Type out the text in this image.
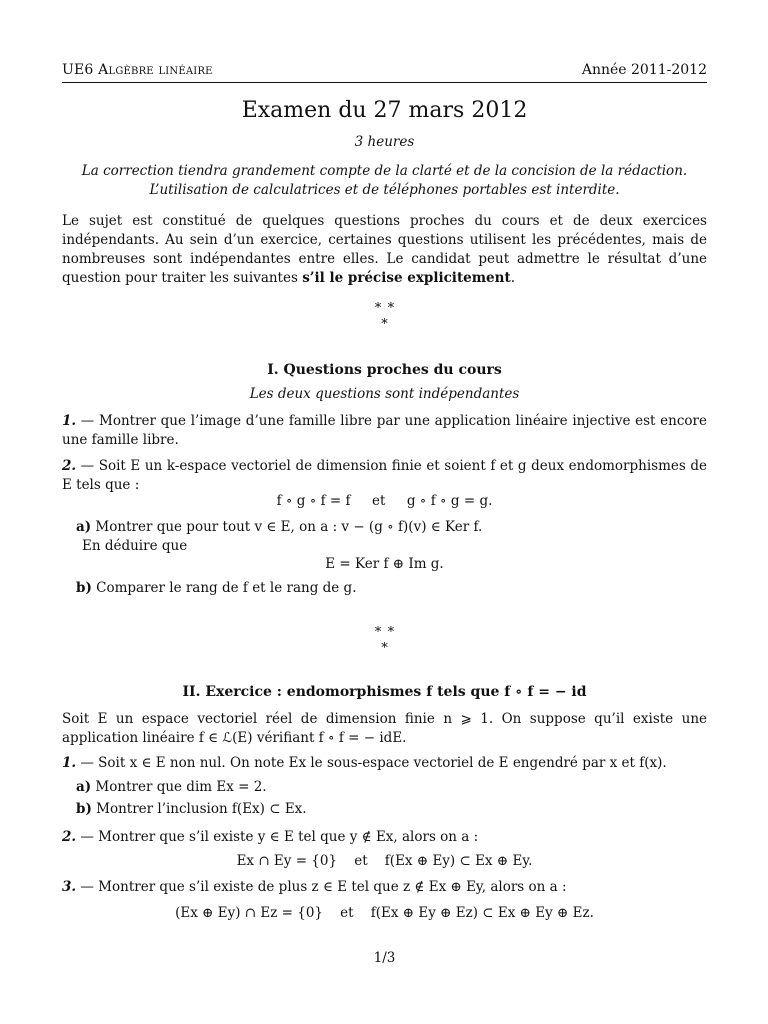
UE6 Algèbre linéaire	Année 2011-2012
Examen du 27 mars 2012
3 heures
La correction tiendra grandement compte de la clarté et de la concision de la rédaction.
L’utilisation de calculatrices et de téléphones portables est interdite.
Le sujet est constitué de quelques questions proches du cours et de deux exercices indépendants. Au sein d’un exercice, certaines questions utilisent les précédentes, mais de nombreuses sont indépendantes entre elles. Le candidat peut admettre le résultat d’une question pour traiter les suivantes s’il le précise explicitement.
∗ ∗
∗
I. Questions proches du cours
Les deux questions sont indépendantes
1. — Montrer que l’image d’une famille libre par une application linéaire injective est encore une famille libre.
2. — Soit E un k-espace vectoriel de dimension finie et soient f et g deux endomorphismes de E tels que :
f ∘ g ∘ f = f     et     g ∘ f ∘ g = g.
a) Montrer que pour tout v ∈ E, on a : v − (g ∘ f)(v) ∈ Ker f.
En déduire que
E = Ker f ⊕ Im g.
b) Comparer le rang de f et le rang de g.
∗ ∗
∗
II. Exercice : endomorphismes f tels que f ∘ f = − id
Soit E un espace vectoriel réel de dimension finie n ⩾ 1. On suppose qu’il existe une application linéaire f ∈ ℒ(E) vérifiant f ∘ f = − idE.
1. — Soit x ∈ E non nul. On note Ex le sous-espace vectoriel de E engendré par x et f(x).
a) Montrer que dim Ex = 2.
b) Montrer l’inclusion f(Ex) ⊂ Ex.
2. — Montrer que s’il existe y ∈ E tel que y ∉ Ex, alors on a :
Ex ∩ Ey = {0}    et    f(Ex ⊕ Ey) ⊂ Ex ⊕ Ey.
3. — Montrer que s’il existe de plus z ∈ E tel que z ∉ Ex ⊕ Ey, alors on a :
(Ex ⊕ Ey) ∩ Ez = {0}    et    f(Ex ⊕ Ey ⊕ Ez) ⊂ Ex ⊕ Ey ⊕ Ez.
1/3
